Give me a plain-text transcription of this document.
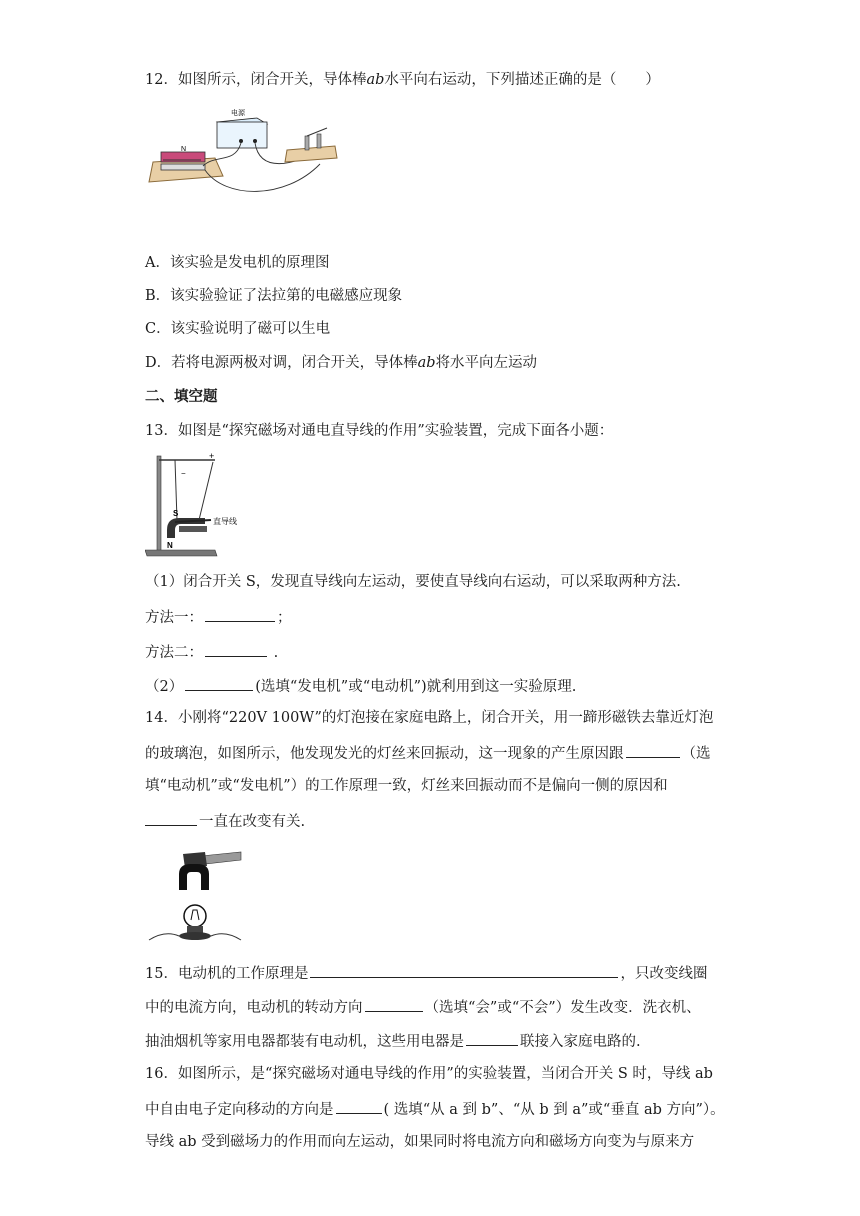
12．如图所示，闭合开关，导体棒ab水平向右运动，下列描述正确的是（　　）
N
电源
A．该实验是发电机的原理图
B．该实验验证了法拉第的电磁感应现象
C．该实验说明了磁可以生电
D．若将电源两极对调，闭合开关，导体棒ab将水平向左运动
二、填空题
13．如图是“探究磁场对通电直导线的作用”实验装置，完成下面各小题：
+
−
S
N
直导线
（1）闭合开关 S，发现直导线向左运动，要使直导线向右运动，可以采取两种方法.
方法一：	；
方法二：	.
（2）	(选填“发电机”或“电动机”)就利用到这一实验原理.
14．小刚将“220V 100W”的灯泡接在家庭电路上，闭合开关，用一蹄形磁铁去靠近灯泡
的玻璃泡，如图所示，他发现发光的灯丝来回振动，这一现象的产生原因跟	（选
填“电动机”或“发电机”）的工作原理一致，灯丝来回振动而不是偏向一侧的原因和
一直在改变有关.
15．电动机的工作原理是	，只改变线圈
中的电流方向，电动机的转动方向	（选填“会”或“不会”）发生改变．洗衣机、
抽油烟机等家用电器都装有电动机，这些用电器是	联接入家庭电路的.
16．如图所示，是“探究磁场对通电导线的作用”的实验装置，当闭合开关 S 时，导线 ab
中自由电子定向移动的方向是	( 选填“从 a 到 b”、“从 b 到 a”或“垂直 ab 方向”）。
导线 ab 受到磁场力的作用而向左运动，如果同时将电流方向和磁场方向变为与原来方
